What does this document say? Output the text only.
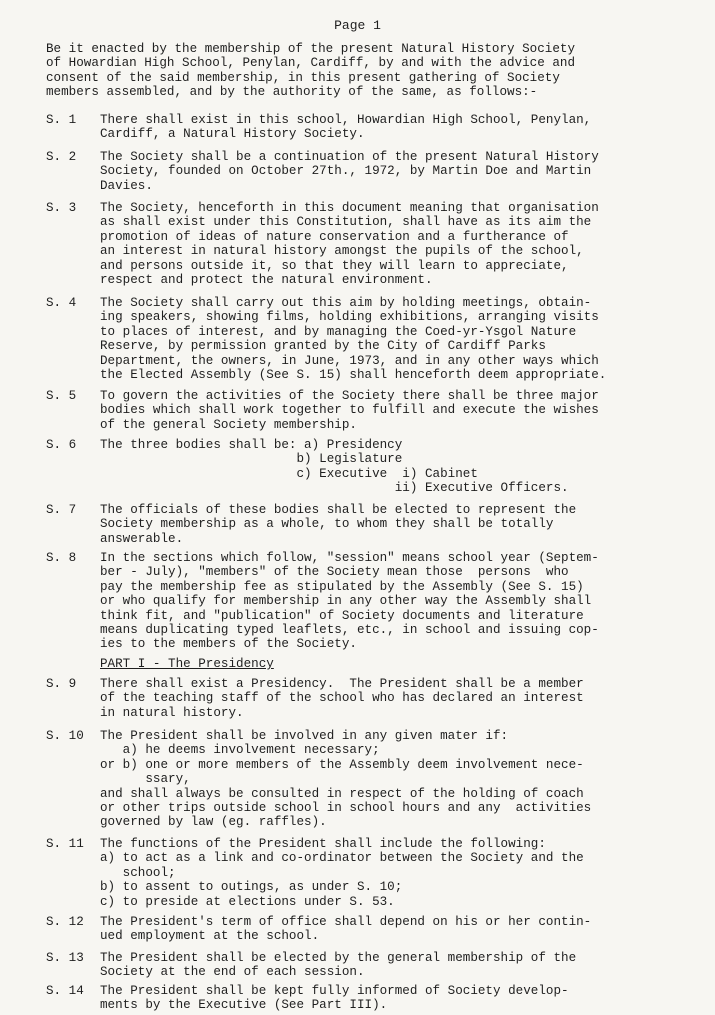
Page 1
Be it enacted by the membership of the present Natural History Society
of Howardian High School, Penylan, Cardiff, by and with the advice and
consent of the said membership, in this present gathering of Society
members assembled, and by the authority of the same, as follows:-
S. 1	There shall exist in this school, Howardian High School, Penylan,
Cardiff, a Natural History Society.
S. 2	The Society shall be a continuation of the present Natural History
Society, founded on October 27th., 1972, by Martin Doe and Martin
Davies.
S. 3	The Society, henceforth in this document meaning that organisation
as shall exist under this Constitution, shall have as its aim the
promotion of ideas of nature conservation and a furtherance of
an interest in natural history amongst the pupils of the school,
and persons outside it, so that they will learn to appreciate,
respect and protect the natural environment.
S. 4	The Society shall carry out this aim by holding meetings, obtain-
ing speakers, showing films, holding exhibitions, arranging visits
to places of interest, and by managing the Coed-yr-Ysgol Nature
Reserve, by permission granted by the City of Cardiff Parks
Department, the owners, in June, 1973, and in any other ways which
the Elected Assembly (See S. 15) shall henceforth deem appropriate.
S. 5	To govern the activities of the Society there shall be three major
bodies which shall work together to fulfill and execute the wishes
of the general Society membership.
S. 6	The three bodies shall be: a) Presidency
b) Legislature
c) Executive  i) Cabinet
ii) Executive Officers.
S. 7	The officials of these bodies shall be elected to represent the
Society membership as a whole, to whom they shall be totally
answerable.
S. 8	In the sections which follow, "session" means school year (Septem-
ber - July), "members" of the Society mean those  persons  who
pay the membership fee as stipulated by the Assembly (See S. 15)
or who qualify for membership in any other way the Assembly shall
think fit, and "publication" of Society documents and literature
means duplicating typed leaflets, etc., in school and issuing cop-
ies to the members of the Society.
PART I - The Presidency
S. 9	There shall exist a Presidency.  The President shall be a member
of the teaching staff of the school who has declared an interest
in natural history.
S. 10	The President shall be involved in any given mater if:
a) he deems involvement necessary;
or b) one or more members of the Assembly deem involvement nece-
ssary,
and shall always be consulted in respect of the holding of coach
or other trips outside school in school hours and any  activities
governed by law (eg. raffles).
S. 11	The functions of the President shall include the following:
a) to act as a link and co-ordinator between the Society and the
school;
b) to assent to outings, as under S. 10;
c) to preside at elections under S. 53.
S. 12	The President's term of office shall depend on his or her contin-
ued employment at the school.
S. 13	The President shall be elected by the general membership of the
Society at the end of each session.
S. 14	The President shall be kept fully informed of Society develop-
ments by the Executive (See Part III).
